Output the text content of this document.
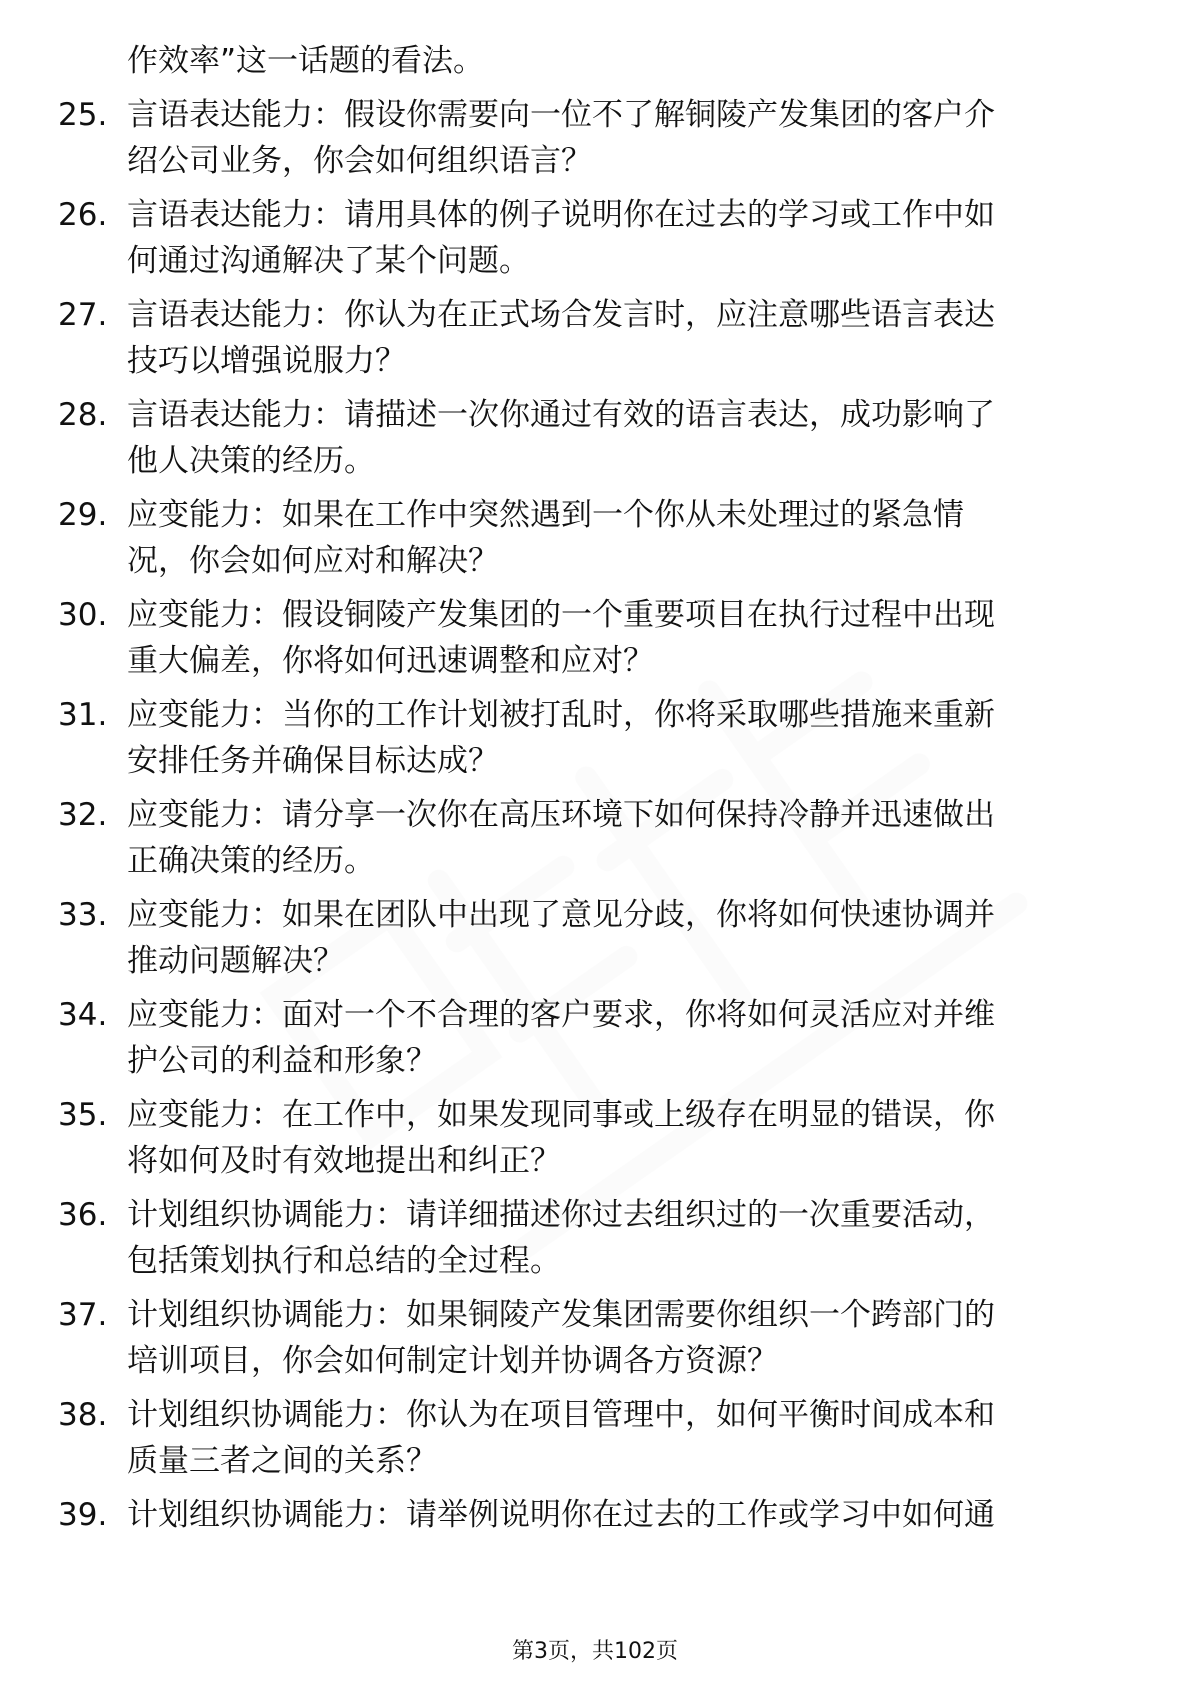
作效率”这一话题的看法。
25. 言语表达能力：假设你需要向一位不了解铜陵产发集团的客户介
绍公司业务，你会如何组织语言？
26. 言语表达能力：请用具体的例子说明你在过去的学习或工作中如
何通过沟通解决了某个问题。
27. 言语表达能力：你认为在正式场合发言时，应注意哪些语言表达
技巧以增强说服力？
28. 言语表达能力：请描述一次你通过有效的语言表达，成功影响了
他人决策的经历。
29. 应变能力：如果在工作中突然遇到一个你从未处理过的紧急情
况，你会如何应对和解决？
30. 应变能力：假设铜陵产发集团的一个重要项目在执行过程中出现
重大偏差，你将如何迅速调整和应对？
31. 应变能力：当你的工作计划被打乱时，你将采取哪些措施来重新
安排任务并确保目标达成？
32. 应变能力：请分享一次你在高压环境下如何保持冷静并迅速做出
正确决策的经历。
33. 应变能力：如果在团队中出现了意见分歧，你将如何快速协调并
推动问题解决？
34. 应变能力：面对一个不合理的客户要求，你将如何灵活应对并维
护公司的利益和形象？
35. 应变能力：在工作中，如果发现同事或上级存在明显的错误，你
将如何及时有效地提出和纠正？
36. 计划组织协调能力：请详细描述你过去组织过的一次重要活动，
包括策划执行和总结的全过程。
37. 计划组织协调能力：如果铜陵产发集团需要你组织一个跨部门的
培训项目，你会如何制定计划并协调各方资源？
38. 计划组织协调能力：你认为在项目管理中，如何平衡时间成本和
质量三者之间的关系？
39. 计划组织协调能力：请举例说明你在过去的工作或学习中如何通
第3页，共102页
